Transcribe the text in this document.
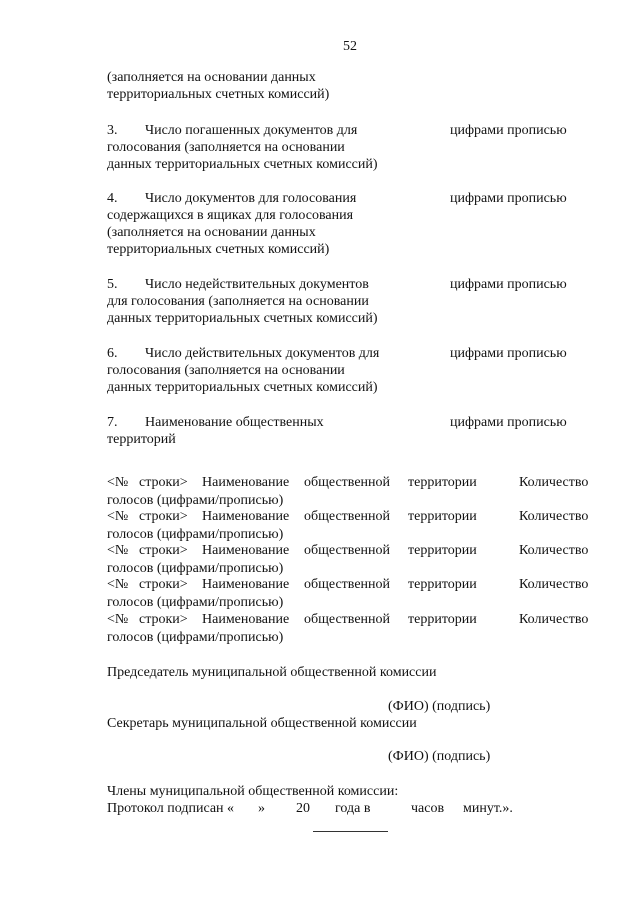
52
(заполняется на основании данных
территориальных счетных комиссий)
3. Число погашенных документов для	цифрами прописью
голосования (заполняется на основании
данных территориальных счетных комиссий)
4. Число документов для голосования	цифрами прописью
содержащихся в ящиках для голосования
(заполняется на основании данных
территориальных счетных комиссий)
5. Число недействительных документов	цифрами прописью
для голосования (заполняется на основании
данных территориальных счетных комиссий)
6. Число действительных документов для	цифрами прописью
голосования (заполняется на основании
данных территориальных счетных комиссий)
7. Наименование общественных	цифрами прописью
территорий
<№ строки> Наименование общественной территории	Количество
голосов (цифрами/прописью)
<№ строки> Наименование общественной территории	Количество
голосов (цифрами/прописью)
<№ строки> Наименование общественной территории	Количество
голосов (цифрами/прописью)
<№ строки> Наименование общественной территории	Количество
голосов (цифрами/прописью)
<№ строки> Наименование общественной территории	Количество
голосов (цифрами/прописью)
Председатель муниципальной общественной комиссии
(ФИО) (подпись)
Секретарь муниципальной общественной комиссии
(ФИО) (подпись)
Члены муниципальной общественной комиссии:
Протокол подписан « » 20 года в	часов минут.».
